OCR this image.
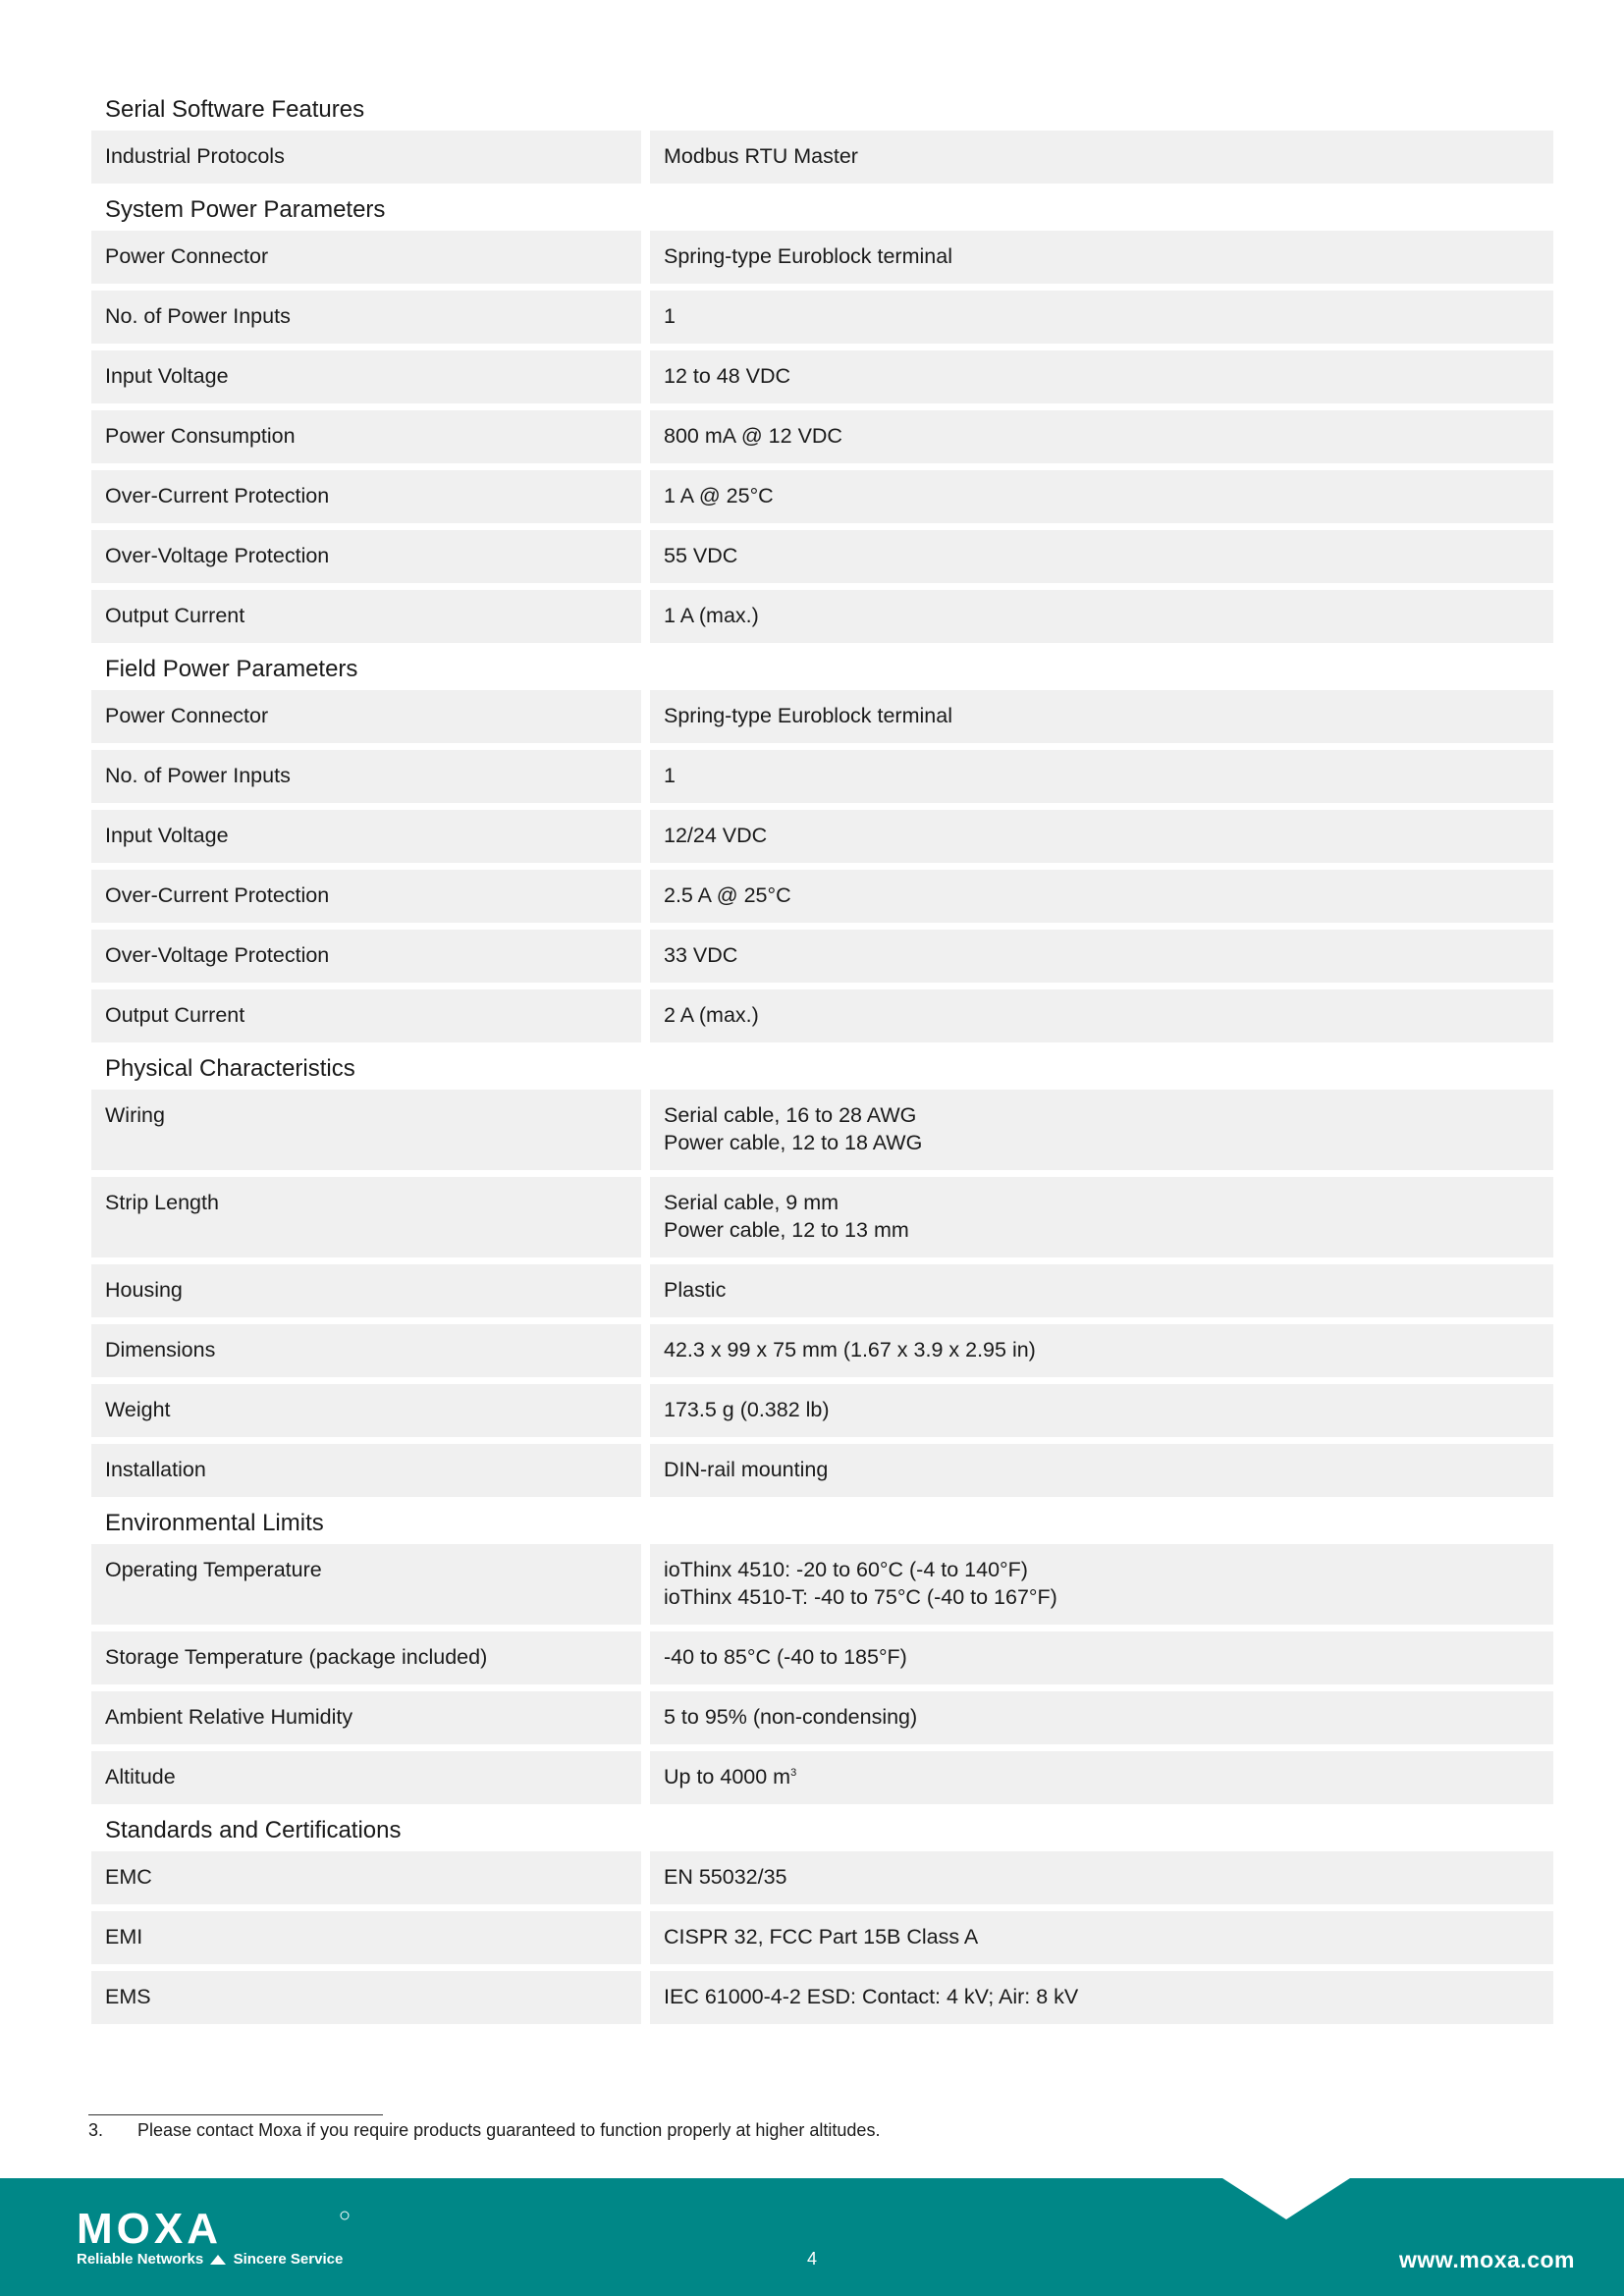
Serial Software Features
Industrial Protocols	Modbus RTU Master
System Power Parameters
Power Connector	Spring-type Euroblock terminal
No. of Power Inputs	1
Input Voltage	12 to 48 VDC
Power Consumption	800 mA @ 12 VDC
Over-Current Protection	1 A @ 25°C
Over-Voltage Protection	55 VDC
Output Current	1 A (max.)
Field Power Parameters
Power Connector	Spring-type Euroblock terminal
No. of Power Inputs	1
Input Voltage	12/24 VDC
Over-Current Protection	2.5 A @ 25°C
Over-Voltage Protection	33 VDC
Output Current	2 A (max.)
Physical Characteristics
Wiring	Serial cable, 16 to 28 AWG
Power cable, 12 to 18 AWG
Strip Length	Serial cable, 9 mm
Power cable, 12 to 13 mm
Housing	Plastic
Dimensions	42.3 x 99 x 75 mm (1.67 x 3.9 x 2.95 in)
Weight	173.5 g (0.382 lb)
Installation	DIN-rail mounting
Environmental Limits
Operating Temperature	ioThinx 4510: -20 to 60°C (-4 to 140°F)
ioThinx 4510-T: -40 to 75°C (-40 to 167°F)
Storage Temperature (package included)	-40 to 85°C (-40 to 185°F)
Ambient Relative Humidity	5 to 95% (non-condensing)
Altitude	Up to 4000 $m^3$
Standards and Certifications
EMC	EN 55032/35
EMI	CISPR 32, FCC Part 15B Class A
EMS	IEC 61000-4-2 ESD: Contact: 4 kV; Air: 8 kV
3.	Please contact Moxa if you require products guaranteed to function properly at higher altitudes.
MOXA
Reliable Networks Sincere Service	4	www.moxa.com
